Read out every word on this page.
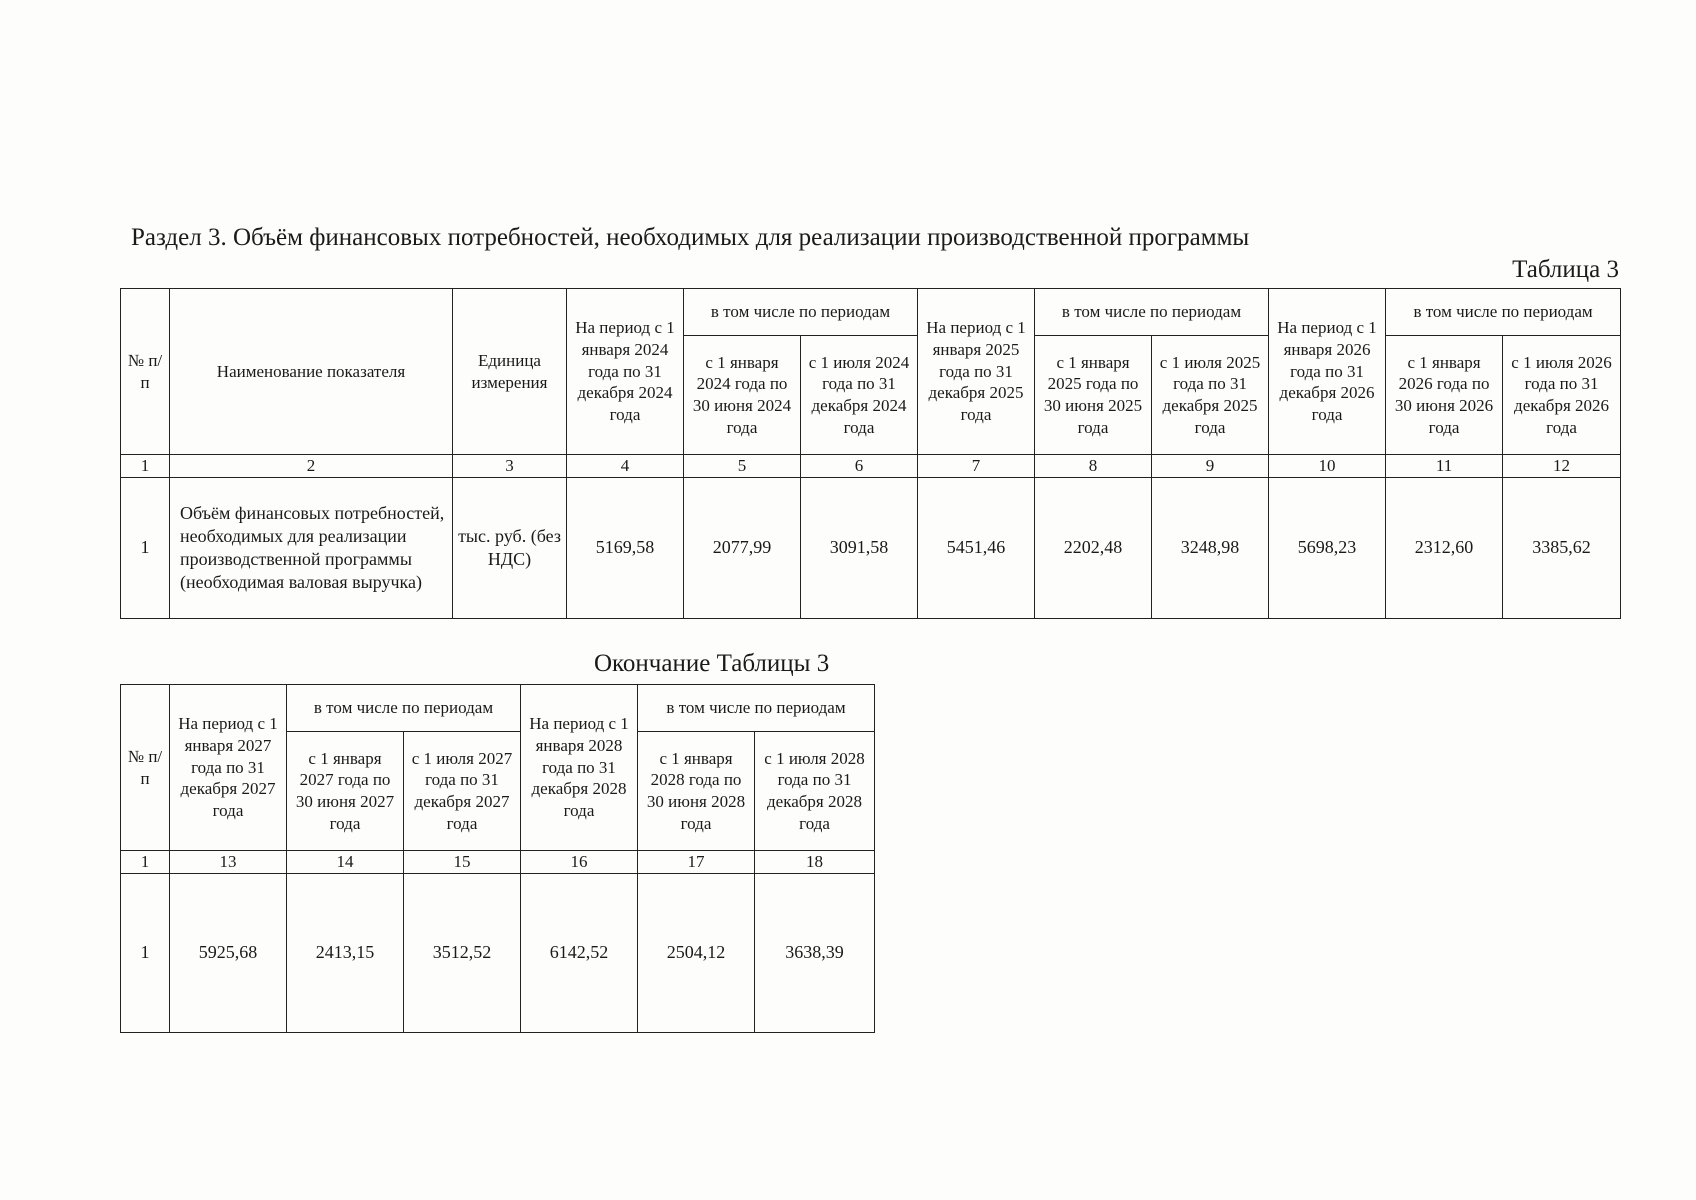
Раздел 3. Объём финансовых потребностей, необходимых для реализации производственной программы
Таблица 3
№ п/п	Наименование показателя	Единица измерения	На период с 1 января 2024 года по 31 декабря 2024 года	в том числе по периодам		На период с 1 января 2025 года по 31 декабря 2025 года	в том числе по периодам		На период с 1 января 2026 года по 31 декабря 2026 года	в том числе по периодам	
				с 1 января 2024 года по 30 июня 2024 года	с 1 июля 2024 года по 31 декабря 2024 года		с 1 января 2025 года по 30 июня 2025 года	с 1 июля 2025 года по 31 декабря 2025 года		с 1 января 2026 года по 30 июня 2026 года	с 1 июля 2026 года по 31 декабря 2026 года
1	2	3	4	5	6	7	8	9	10	11	12
1	Объём финансовых потребностей, необходимых для реализации производственной программы (необходимая валовая выручка)	тыс. руб. (без НДС)	5169,58	2077,99	3091,58	5451,46	2202,48	3248,98	5698,23	2312,60	3385,62
Окончание Таблицы 3
№ п/п	На период с 1 января 2027 года по 31 декабря 2027 года	в том числе по периодам		На период с 1 января 2028 года по 31 декабря 2028 года	в том числе по периодам	
		с 1 января 2027 года по 30 июня 2027 года	с 1 июля 2027 года по 31 декабря 2027 года		с 1 января 2028 года по 30 июня 2028 года	с 1 июля 2028 года по 31 декабря 2028 года
1	13	14	15	16	17	18
1	5925,68	2413,15	3512,52	6142,52	2504,12	3638,39
